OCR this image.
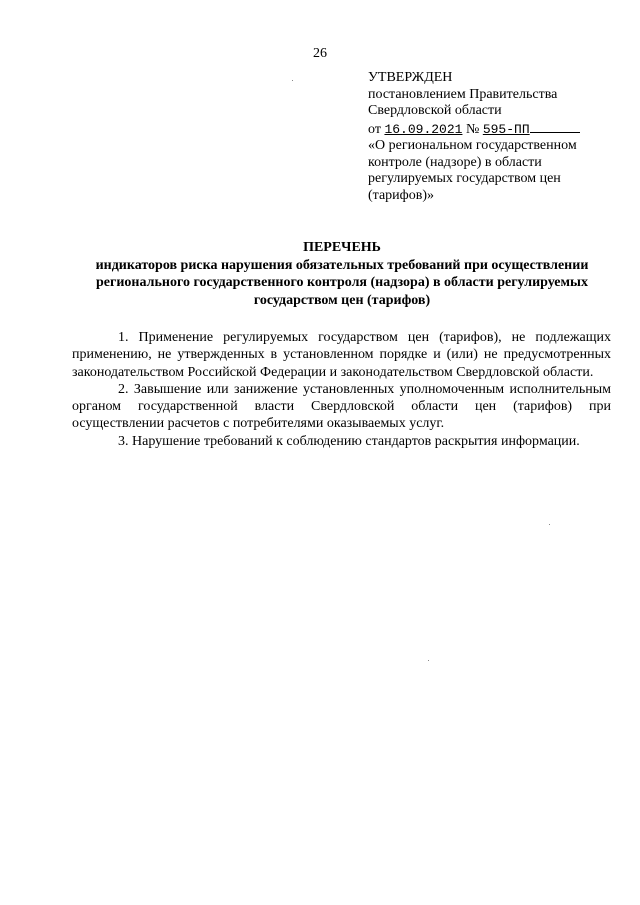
26
УТВЕРЖДЕН
постановлением Правительства
Свердловской области
от 16.09.2021 № 595-ПП
«О региональном государственном
контроле (надзоре) в области
регулируемых государством цен
(тарифов)»
ПЕРЕЧЕНЬ
индикаторов риска нарушения обязательных требований при осуществлении
регионального государственного контроля (надзора) в области регулируемых
государством цен (тарифов)

1. Применение регулируемых государством цен (тарифов), не подлежащих применению, не утвержденных в установленном порядке и (или) не предусмотренных законодательством Российской Федерации и законодательством Свердловской области.

2. Завышение или занижение установленных уполномоченным исполнительным органом государственной власти Свердловской области цен (тарифов) при осуществлении расчетов с потребителями оказываемых услуг.

3. Нарушение требований к соблюдению стандартов раскрытия информации.
